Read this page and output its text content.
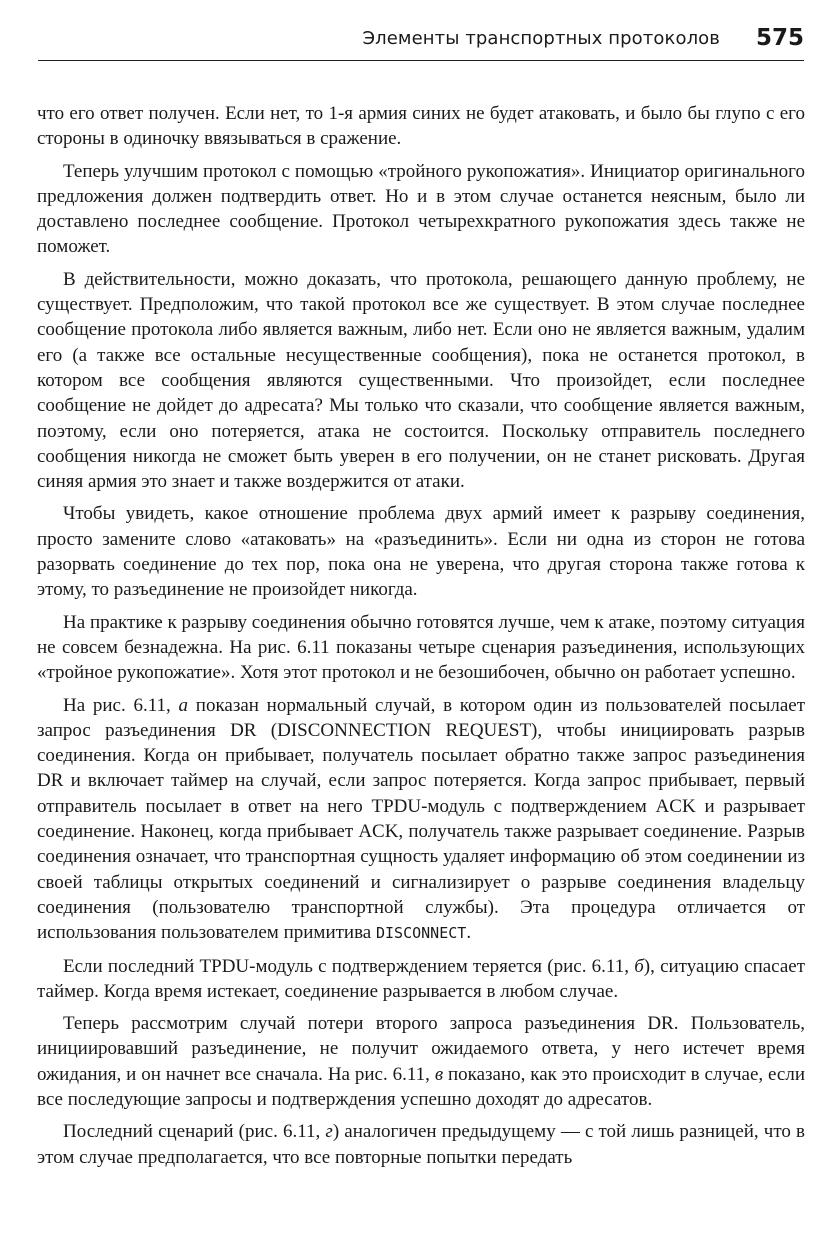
Элементы транспортных протоколов 575

что его ответ получен. Если нет, то 1-я армия синих не будет атаковать, и было бы глупо с его стороны в одиночку ввязываться в сражение.

Теперь улучшим протокол с помощью «тройного рукопожатия». Инициатор оригинального предложения должен подтвердить ответ. Но и в этом случае останется неясным, было ли доставлено последнее сообщение. Протокол четырехкратного рукопожатия здесь также не поможет.

В действительности, можно доказать, что протокола, решающего данную проблему, не существует. Предположим, что такой протокол все же существует. В этом случае последнее сообщение протокола либо является важным, либо нет. Если оно не является важным, удалим его (а также все остальные несущественные сообщения), пока не останется протокол, в котором все сообщения являются существенными. Что произойдет, если последнее сообщение не дойдет до адресата? Мы только что сказали, что сообщение является важным, поэтому, если оно потеряется, атака не состоится. Поскольку отправитель последнего сообщения никогда не сможет быть уверен в его получении, он не станет рисковать. Другая синяя армия это знает и также воздержится от атаки.

Чтобы увидеть, какое отношение проблема двух армий имеет к разрыву соединения, просто замените слово «атаковать» на «разъединить». Если ни одна из сторон не готова разорвать соединение до тех пор, пока она не уверена, что другая сторона также готова к этому, то разъединение не произойдет никогда.

На практике к разрыву соединения обычно готовятся лучше, чем к атаке, поэтому ситуация не совсем безнадежна. На рис. 6.11 показаны четыре сценария разъединения, использующих «тройное рукопожатие». Хотя этот протокол и не безошибочен, обычно он работает успешно.

На рис. 6.11, а показан нормальный случай, в котором один из пользователей посылает запрос разъединения DR (DISCONNECTION REQUEST), чтобы инициировать разрыв соединения. Когда он прибывает, получатель посылает обратно также запрос разъединения DR и включает таймер на случай, если запрос потеряется. Когда запрос прибывает, первый отправитель посылает в ответ на него TPDU-модуль с подтверждением ACK и разрывает соединение. Наконец, когда прибывает ACK, получатель также разрывает соединение. Разрыв соединения означает, что транспортная сущность удаляет информацию об этом соединении из своей таблицы открытых соединений и сигнализирует о разрыве соединения владельцу соединения (пользователю транспортной службы). Эта процедура отличается от использования пользователем примитива DISCONNECT.

Если последний TPDU-модуль с подтверждением теряется (рис. 6.11, б), ситуацию спасает таймер. Когда время истекает, соединение разрывается в любом случае.

Теперь рассмотрим случай потери второго запроса разъединения DR. Пользователь, инициировавший разъединение, не получит ожидаемого ответа, у него истечет время ожидания, и он начнет все сначала. На рис. 6.11, в показано, как это происходит в случае, если все последующие запросы и подтверждения успешно доходят до адресатов.

Последний сценарий (рис. 6.11, г) аналогичен предыдущему — с той лишь разницей, что в этом случае предполагается, что все повторные попытки передать
